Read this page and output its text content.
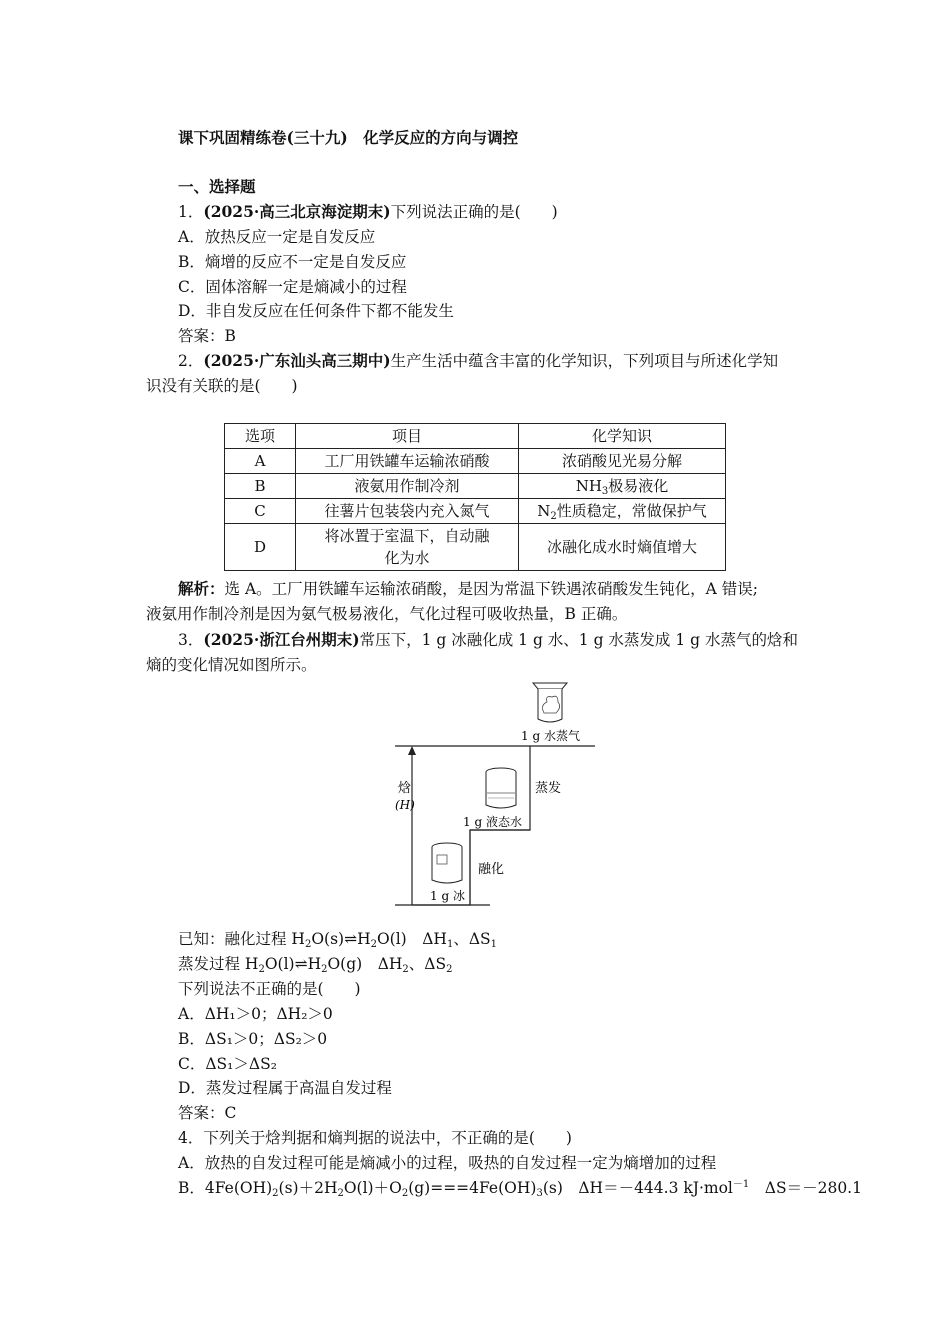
课下巩固精练卷(三十九)　化学反应的方向与调控
一、选择题
1．(2025·高三北京海淀期末)下列说法正确的是(　　)
A．放热反应一定是自发反应
B．熵增的反应不一定是自发反应
C．固体溶解一定是熵减小的过程
D．非自发反应在任何条件下都不能发生
答案：B
2．(2025·广东汕头高三期中)生产生活中蕴含丰富的化学知识，下列项目与所述化学知
识没有关联的是(　　)
选项	项目	化学知识
A	工厂用铁罐车运输浓硝酸	浓硝酸见光易分解
B	液氨用作制冷剂	$NH_3$极易液化
C	往薯片包装袋内充入氮气	$N_2$性质稳定，常做保护气
D	将冰置于室温下，自动融
化为水	冰融化成水时熵值增大
解析：选 A。工厂用铁罐车运输浓硝酸，是因为常温下铁遇浓硝酸发生钝化，A 错误;
液氨用作制冷剂是因为氨气极易液化，气化过程可吸收热量，B 正确。
3．(2025·浙江台州期末)常压下，1 g 冰融化成 1 g 水、1 g 水蒸发成 1 g 水蒸气的焓和
熵的变化情况如图所示。
焓
(H)
1 g 冰
融化
1 g 液态水
蒸发
1 g 水蒸气
已知：融化过程 $H_2O(s)\rightleftharpoons H_2O(l)$　$\Delta H_1$、$\Delta S_1$
蒸发过程 $H_2O(l)\rightleftharpoons H_2O(g)$　$\Delta H_2$、$\Delta S_2$
下列说法不正确的是(　　)
A．ΔH₁＞0；ΔH₂＞0
B．ΔS₁＞0；ΔS₂＞0
C．ΔS₁＞ΔS₂
D．蒸发过程属于高温自发过程
答案：C
4．下列关于焓判据和熵判据的说法中，不正确的是(　　)
A．放热的自发过程可能是熵减小的过程，吸热的自发过程一定为熵增加的过程
B．$4Fe(OH)_2(s)+2H_2O(l)+O_2(g)===4Fe(OH)_3(s)$　ΔH＝－444.3 kJ·mol$^{-1}$　ΔS＝－280.1
